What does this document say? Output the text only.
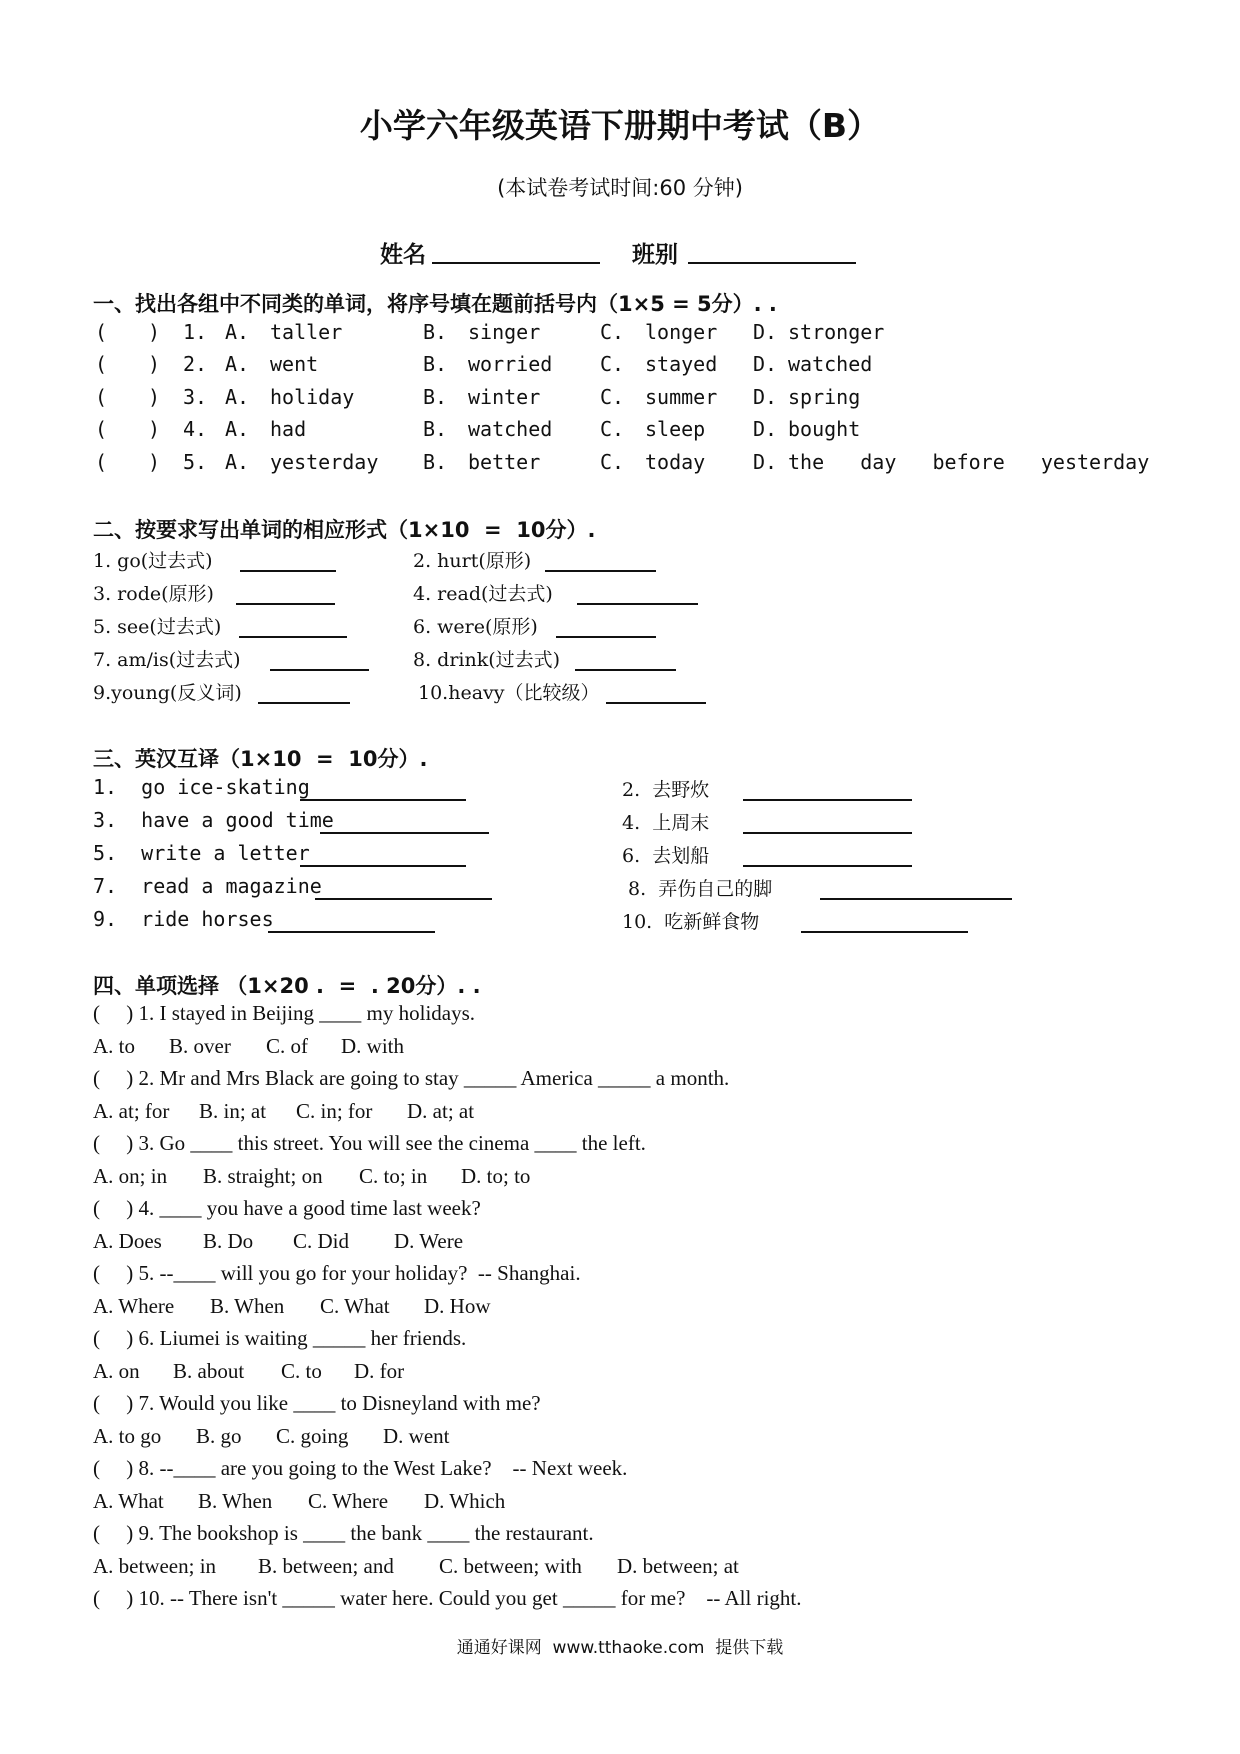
小学六年级英语下册期中考试（B）
(本试卷考试时间:60 分钟)
姓名	班别
一、找出各组中不同类的单词，将序号填在题前括号内（1×5 = 5分）. .
( ) 1. A. taller	B. singer	C. longer D. stronger
( ) 2. A. went	B. worried C. stayed D. watched
( ) 3. A. holiday	B. winter	C. summer D. spring
( ) 4. A. had	B. watched C. sleep D. bought
( ) 5. A. yesterday B. better	C. today D. the   day   before   yesterday
二、按要求写出单词的相应形式（1×10  =  10分）.
1. go(过去式)	2. hurt(原形)
3. rode(原形)	4. read(过去式)
5. see(过去式)	6. were(原形)
7. am/is(过去式)	8. drink(过去式)
9.young(反义词)	10.heavy（比较级）
三、英汉互译（1×10  =  10分）.
1.  go ice-skating	2.  去野炊
3.  have a good time	4.  上周末
5.  write a letter	6.  去划船
7.  read a magazine	8.  弄伤自己的脚
9.  ride horses	10.  吃新鲜食物
四、单项选择 （1×20 .  =  . 20分）. .
(     ) 1. I stayed in Beijing ____ my holidays.
A. to B. over C. of D. with
(     ) 2. Mr and Mrs Black are going to stay _____ America _____ a month.
A. at; for B. in; at C. in; for D. at; at
(     ) 3. Go ____ this street. You will see the cinema ____ the left.
A. on; in B. straight; on C. to; in D. to; to
(     ) 4. ____ you have a good time last week?
A. Does B. Do C. Did D. Were
(     ) 5. --____ will you go for your holiday?  -- Shanghai.
A. Where B. When C. What D. How
(     ) 6. Liumei is waiting _____ her friends.
A. on B. about C. to D. for
(     ) 7. Would you like ____ to Disneyland with me?
A. to go B. go C. going D. went
(     ) 8. --____ are you going to the West Lake?    -- Next week.
A. What B. When C. Where D. Which
(     ) 9. The bookshop is ____ the bank ____ the restaurant.
A. between; in B. between; and C. between; with D. between; at
(     ) 10. -- There isn't _____ water here. Could you get _____ for me?    -- All right.
通通好课网  www.tthaoke.com  提供下载
